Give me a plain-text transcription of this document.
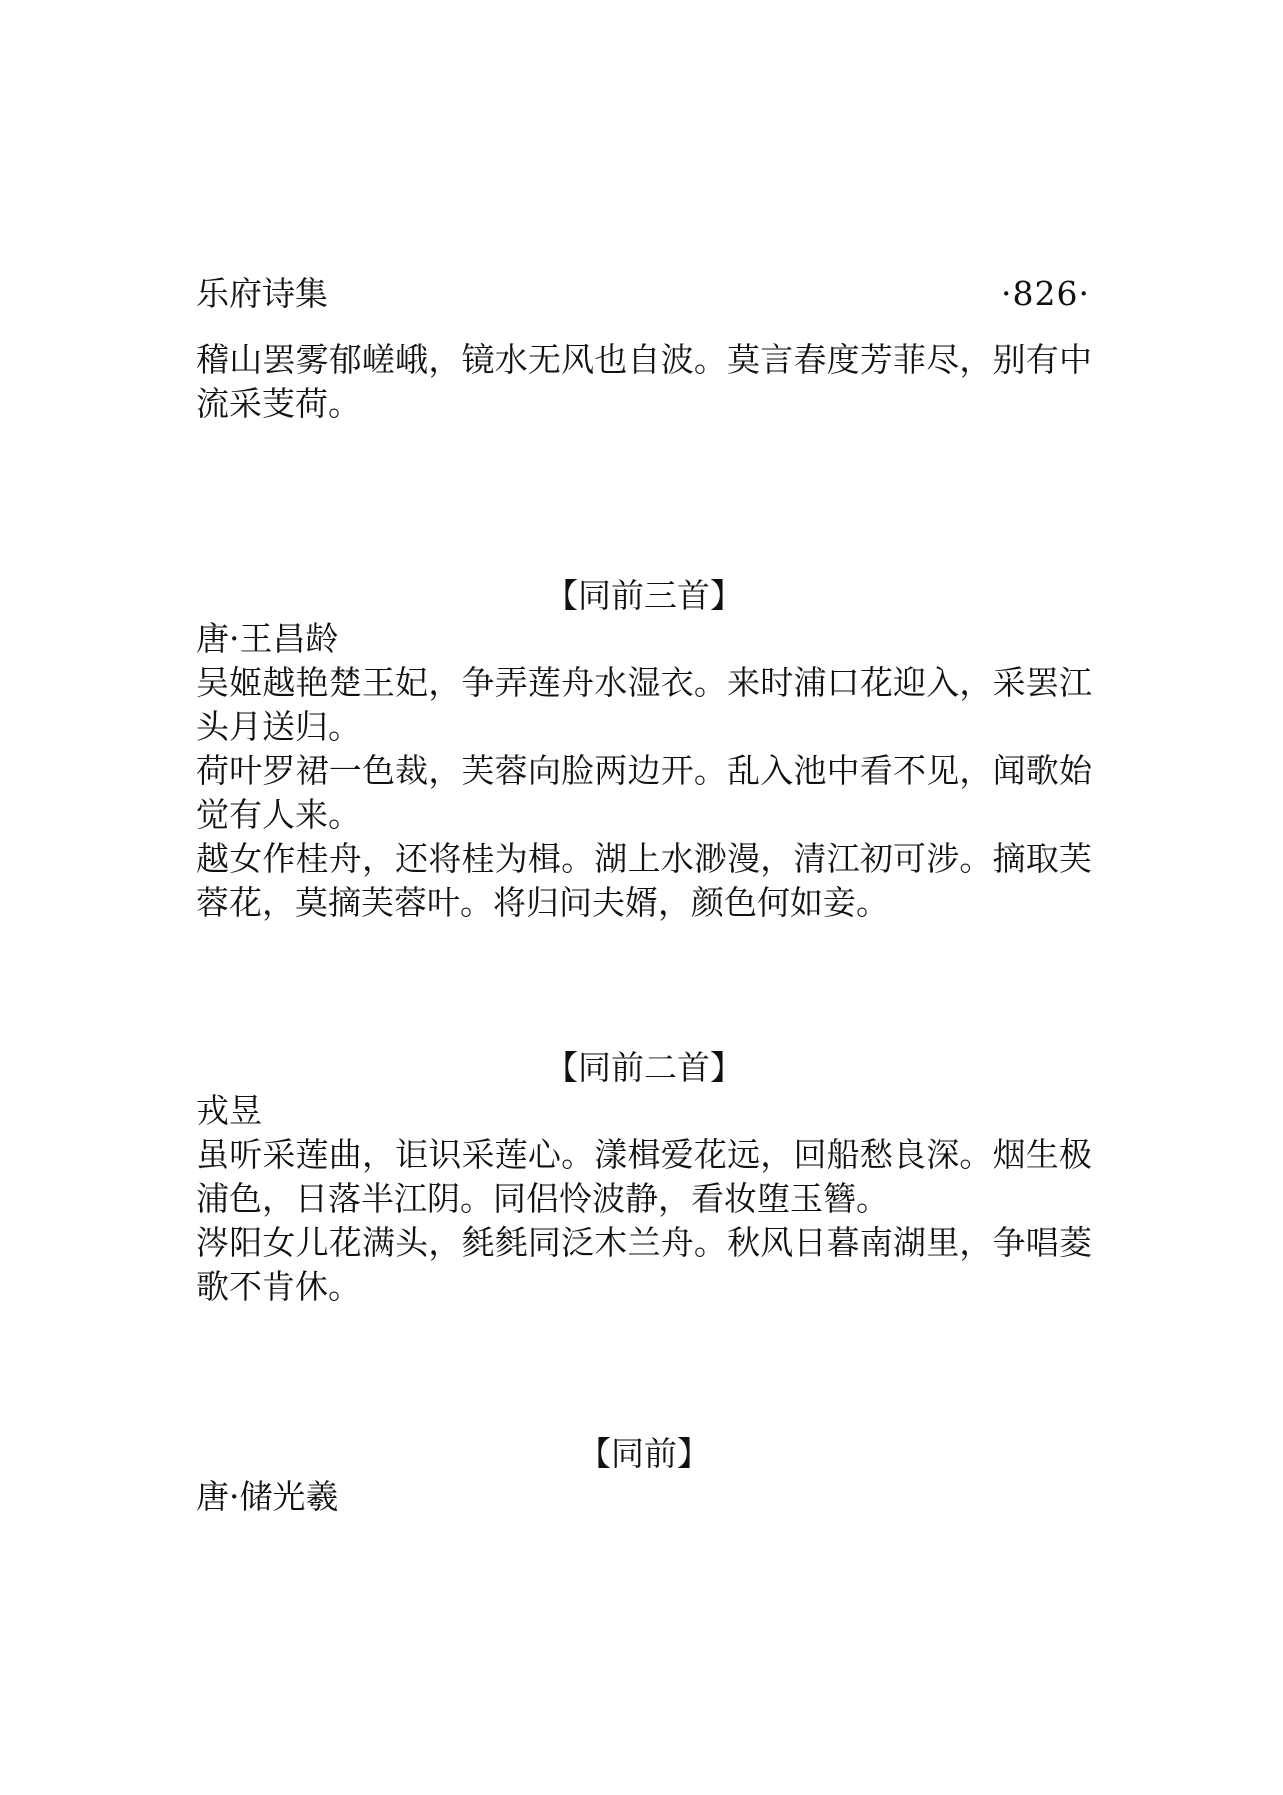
乐府诗集	·826·
稽山罢雾郁嵯峨，镜水无风也自波。莫言春度芳菲尽，别有中
流采芰荷。
【同前三首】
唐·王昌龄
吴姬越艳楚王妃，争弄莲舟水湿衣。来时浦口花迎入，采罢江
头月送归。
荷叶罗裙一色裁，芙蓉向脸两边开。乱入池中看不见，闻歌始
觉有人来。
越女作桂舟，还将桂为楫。湖上水渺漫，清江初可涉。摘取芙
蓉花，莫摘芙蓉叶。将归问夫婿，颜色何如妾。
【同前二首】
戎昱
虽听采莲曲，讵识采莲心。漾楫爱花远，回船愁良深。烟生极
浦色，日落半江阴。同侣怜波静，看妆堕玉簪。
涔阳女儿花满头，毵毵同泛木兰舟。秋风日暮南湖里，争唱菱
歌不肯休。
【同前】
唐·储光羲
